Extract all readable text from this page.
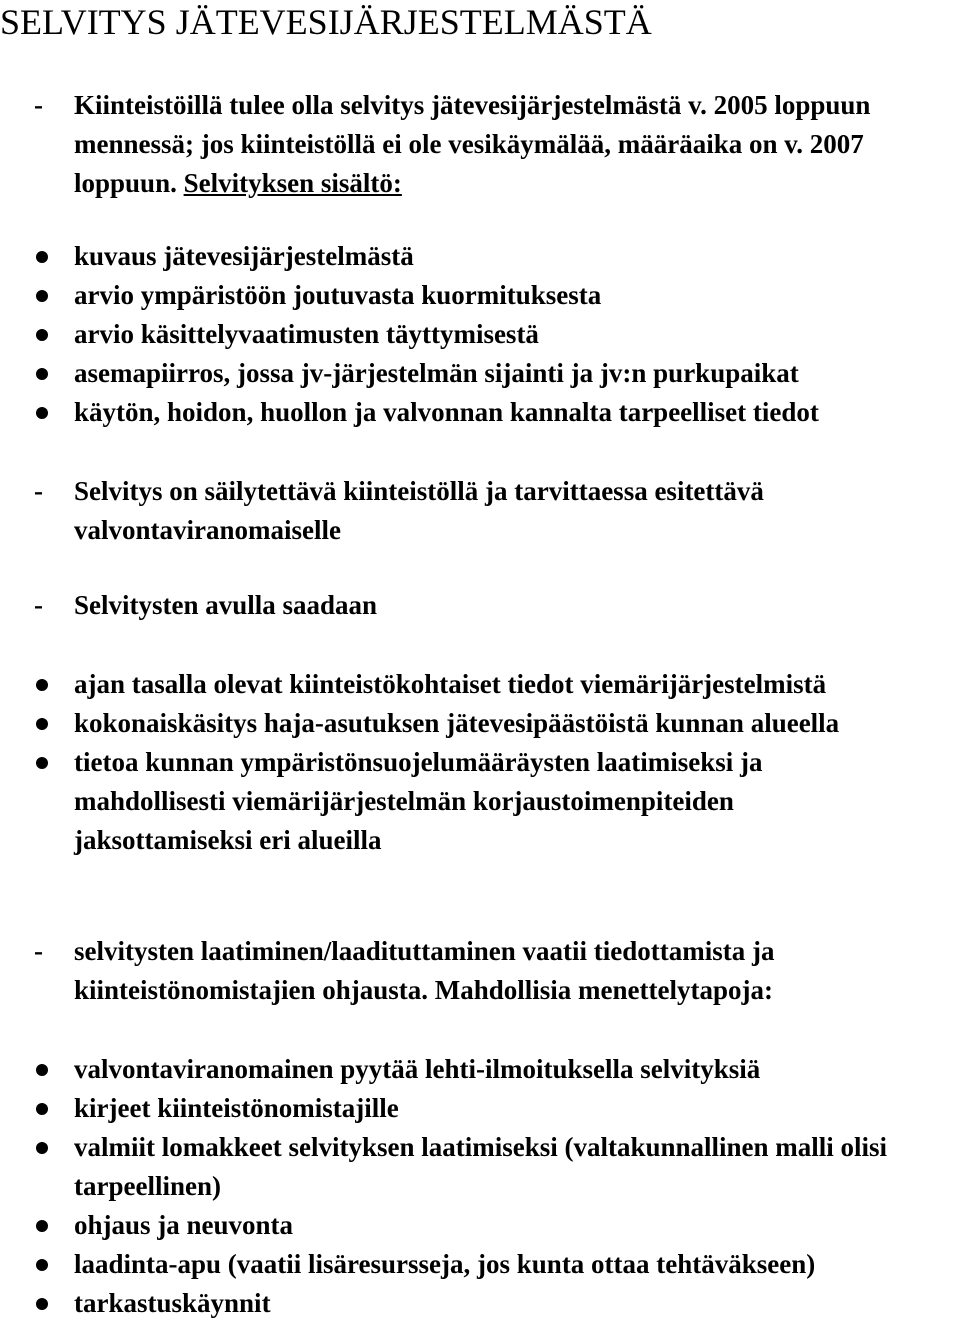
SELVITYS JÄTEVESIJÄRJESTELMÄSTÄ
- Kiinteistöillä tulee olla selvitys jätevesijärjestelmästä v. 2005 loppuun mennessä; jos kiinteistöllä ei ole vesikäymälää, määräaika on v. 2007 loppuun. Selvityksen sisältö:
kuvaus jätevesijärjestelmästä
arvio ympäristöön joutuvasta kuormituksesta
arvio käsittelyvaatimusten täyttymisestä
asemapiirros, jossa jv-järjestelmän sijainti ja jv:n purkupaikat
käytön, hoidon, huollon ja valvonnan kannalta tarpeelliset tiedot
- Selvitys on säilytettävä kiinteistöllä ja tarvittaessa esitettävä valvontaviranomaiselle
- Selvitysten avulla saadaan
ajan tasalla olevat kiinteistökohtaiset tiedot viemärijärjestelmistä
kokonaiskäsitys haja-asutuksen jätevesipäästöistä kunnan alueella
tietoa kunnan ympäristönsuojelumääräysten laatimiseksi ja mahdollisesti viemärijärjestelmän korjaustoimenpiteiden jaksottamiseksi eri alueilla
- selvitysten laatiminen/laadituttaminen vaatii tiedottamista ja kiinteistönomistajien ohjausta. Mahdollisia menettelytapoja:
valvontaviranomainen pyytää lehti-ilmoituksella selvityksiä
kirjeet kiinteistönomistajille
valmiit lomakkeet selvityksen laatimiseksi (valtakunnallinen malli olisi tarpeellinen)
ohjaus ja neuvonta
laadinta-apu (vaatii lisäresursseja, jos kunta ottaa tehtäväkseen)
tarkastuskäynnit
